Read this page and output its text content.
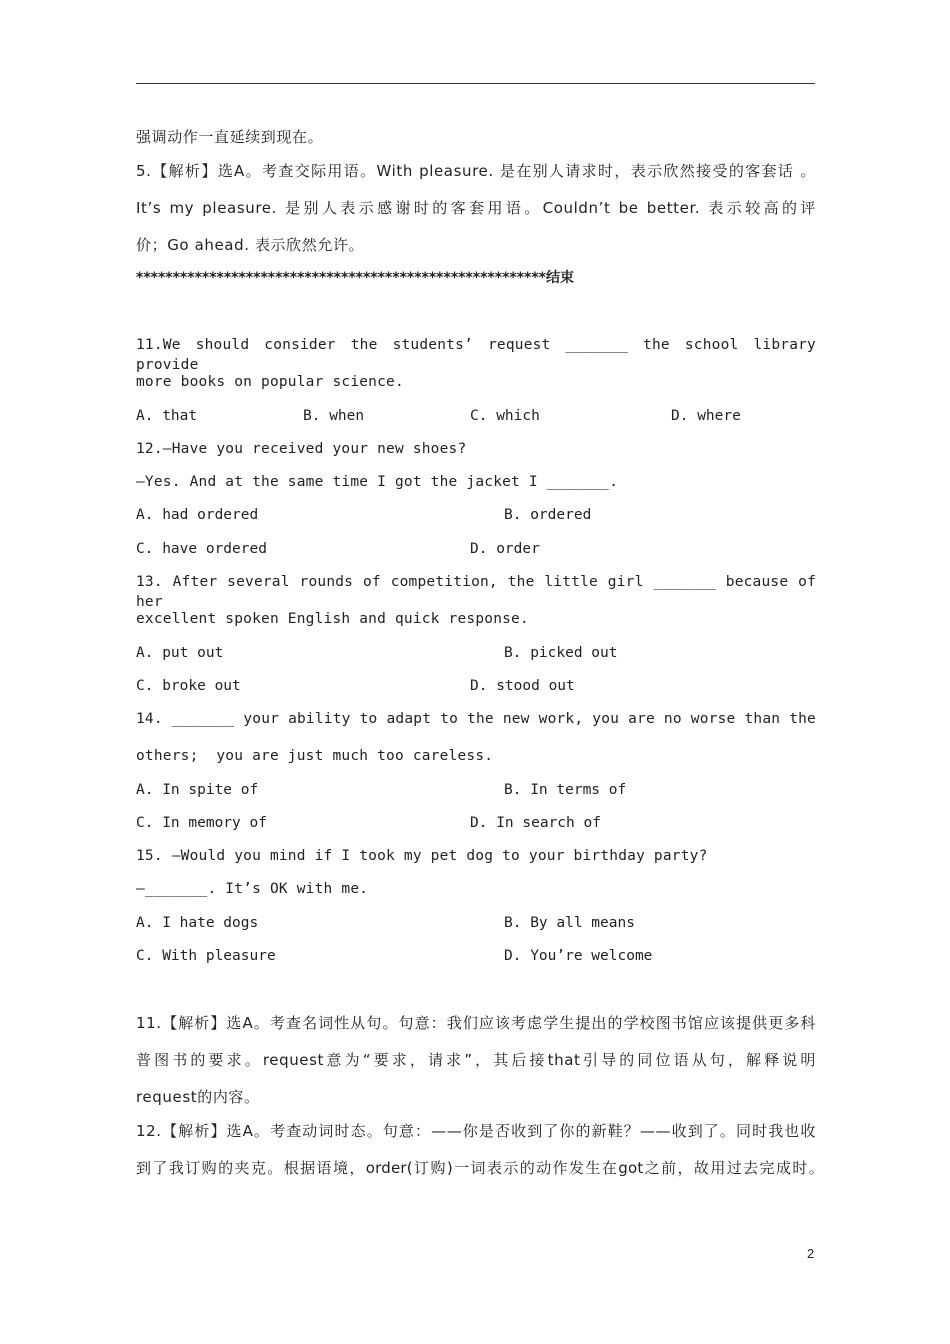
强调动作一直延续到现在。
5.【解析】选A。考查交际用语。With pleasure. 是在别人请求时，表示欣然接受的客套话 。
It’s my pleasure. 是别人表示感谢时的客套用语。Couldn’t be better. 表示较高的评
价；Go ahead. 表示欣然允许。
********************************************************结束
11.We should consider the students’ request _______ the school library provide
more books on popular science.
A. that	B. when	C. which	D. where
12.—Have you received your new shoes?
—Yes. And at the same time I got the jacket I _______.
A. had ordered	B. ordered
C. have ordered	D. order
13. After several rounds of competition, the little girl _______ because of her
excellent spoken English and quick response.
A. put out	B. picked out
C. broke out	D. stood out
14. _______ your ability to adapt to the new work, you are no worse than the
others;  you are just much too careless.
A. In spite of	B. In terms of
C. In memory of	D. In search of
15. —Would you mind if I took my pet dog to your birthday party?
—_______. It’s OK with me.
A. I hate dogs	B. By all means
C. With pleasure	D. You’re welcome
11.【解析】选A。考查名词性从句。句意：我们应该考虑学生提出的学校图书馆应该提供更多科
普图书的要求。request意为“要求，请求”，其后接that引导的同位语从句，解释说明
request的内容。
12.【解析】选A。考查动词时态。句意：——你是否收到了你的新鞋？——收到了。同时我也收
到了我订购的夹克。根据语境，order(订购)一词表示的动作发生在got之前，故用过去完成时。
2
